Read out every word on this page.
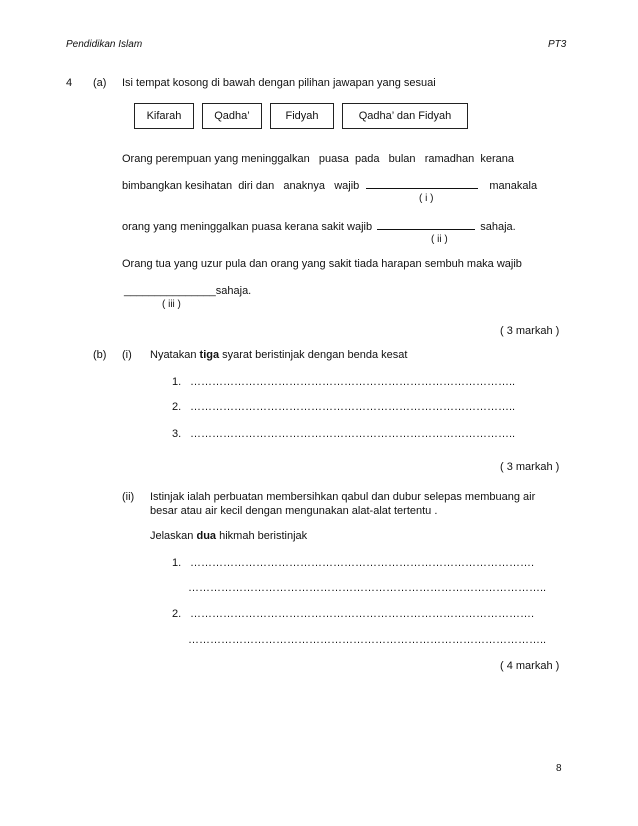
Pendidikan Islam	PT3
4 (a) Isi tempat kosong di bawah dengan pilihan jawapan yang sesuai
Kifarah	Qadha’	Fidyah	Qadha’ dan Fidyah
Orang perempuan yang meninggalkan   puasa  pada   bulan   ramadhan  kerana
bimbangkan kesihatan  diri dan   anaknya   wajib	manakala
( i )
orang yang meninggalkan puasa kerana sakit wajib	sahaja.
( ii )
Orang tua yang uzur pula dan orang yang sakit tiada harapan sembuh maka wajib
_______________sahaja.
( iii )
( 3 markah )
(b) (i) Nyatakan tiga syarat beristinjak dengan benda kesat
1. ……………………………………………………………………………..
2. ……………………………………………………………………………..
3. ……………………………………………………………………………..
( 3 markah )
(ii) Istinjak ialah perbuatan membersihkan qabul dan dubur selepas membuang air
besar atau air kecil dengan mengunakan alat-alat tertentu .
Jelaskan dua hikmah beristinjak
1. ………………………………………………………………………………….
……………………………………………………………………………………..
2. ………………………………………………………………………………….
……………………………………………………………………………………..
( 4 markah )
8
